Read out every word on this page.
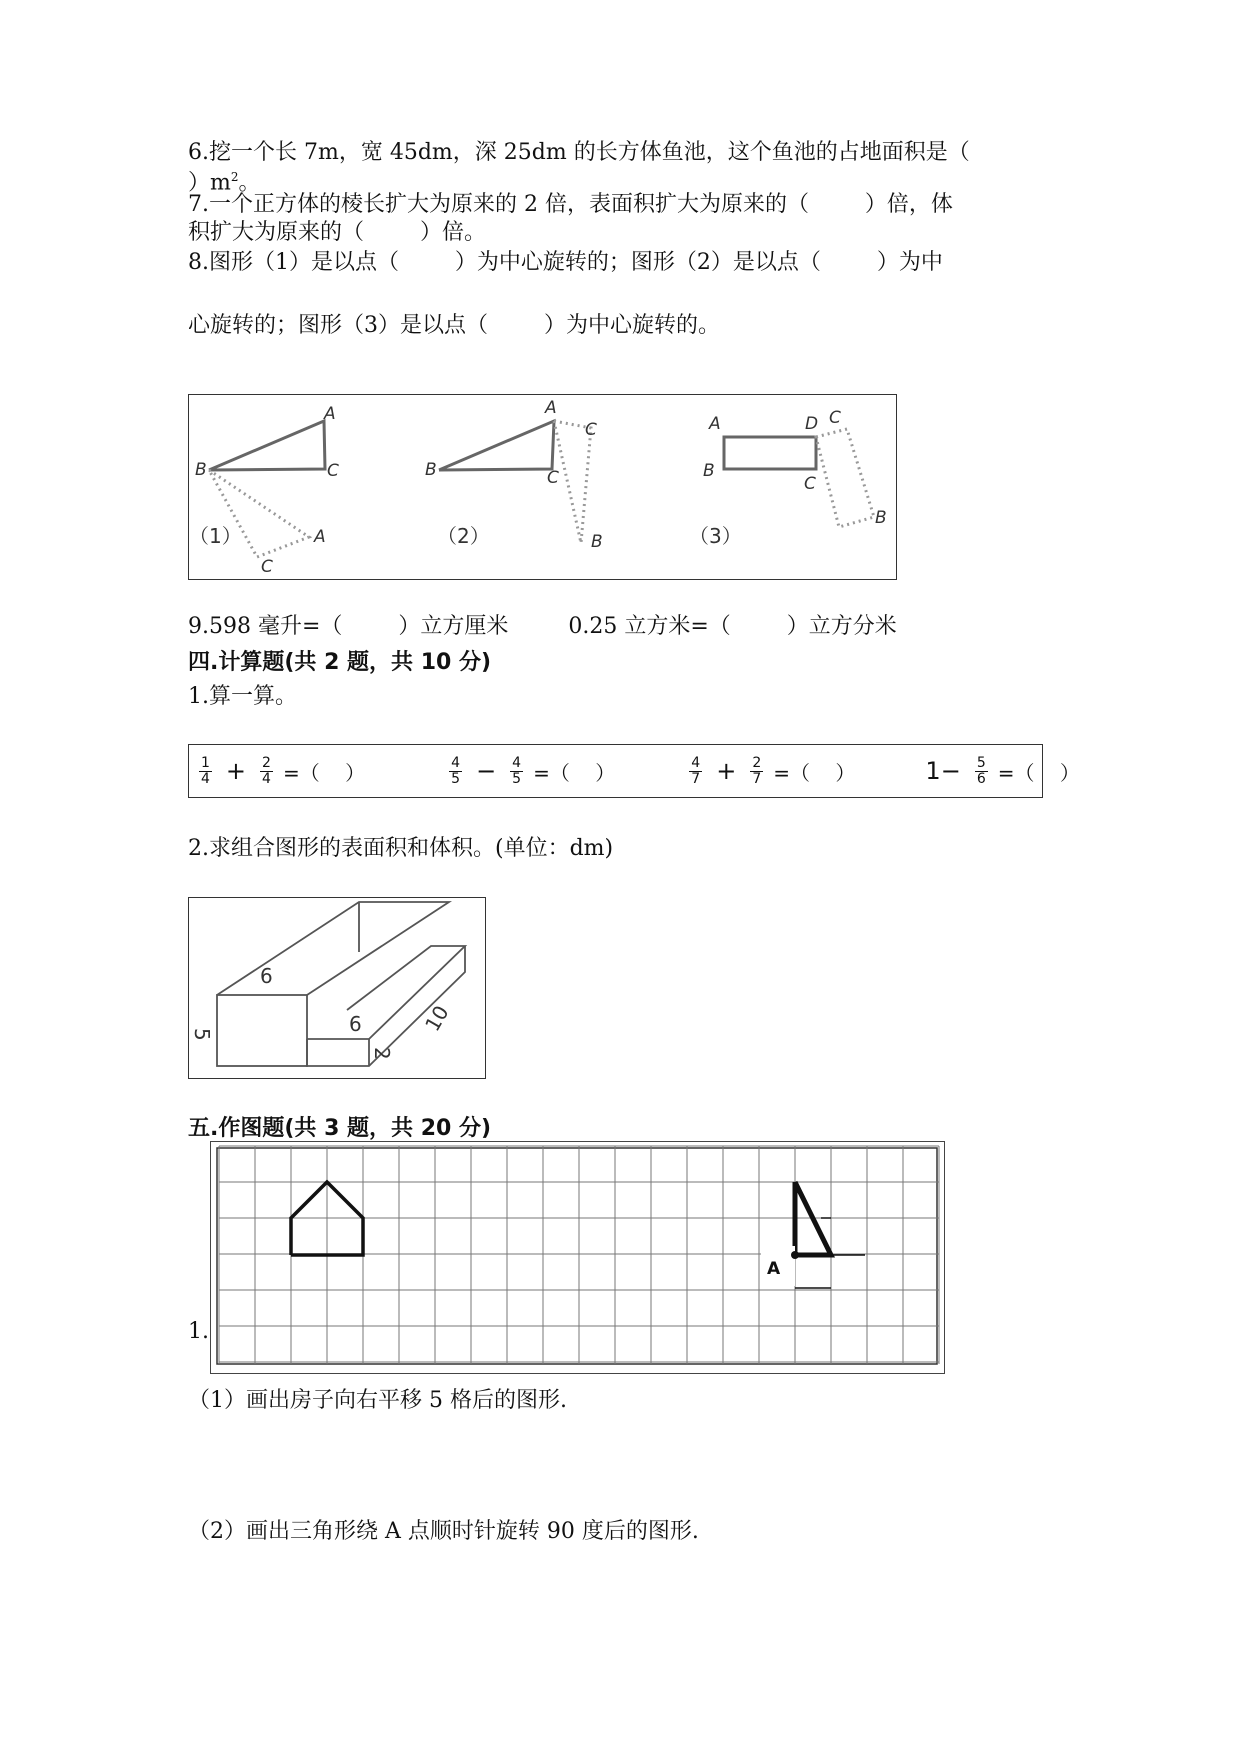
6.挖一个长 7m，宽 45dm，深 25dm 的长方体鱼池，这个鱼池的占地面积是（
）$m^2$。
7.一个正方体的棱长扩大为原来的 2 倍，表面积扩大为原来的（        ）倍，体
积扩大为原来的（        ）倍。
8.图形（1）是以点（        ）为中心旋转的；图形（2）是以点（        ）为中
心旋转的；图形（3）是以点（        ）为中心旋转的。
A
B	C
A
C
A
B	C
C
B
A	D C
B
C
B
（1）	（2）	（3）
9.598 毫升=（        ）立方厘米	0.25 立方米=（        ）立方分米
四.计算题(共 2 题，共 10 分)
1.算一算。
$\frac{1}{4} + \frac{2}{4}$ =（    ）	$\frac{4}{5} - \frac{4}{5}$ =（    ）	$\frac{4}{7} + \frac{2}{7}$ =（    ）	$1- \frac{5}{6}$ =（    ）
2.求组合图形的表面积和体积。(单位：dm)
6
5	6
2
10
五.作图题(共 3 题，共 20 分)
1.
A
（1）画出房子向右平移 5 格后的图形.
（2）画出三角形绕 A 点顺时针旋转 90 度后的图形.
